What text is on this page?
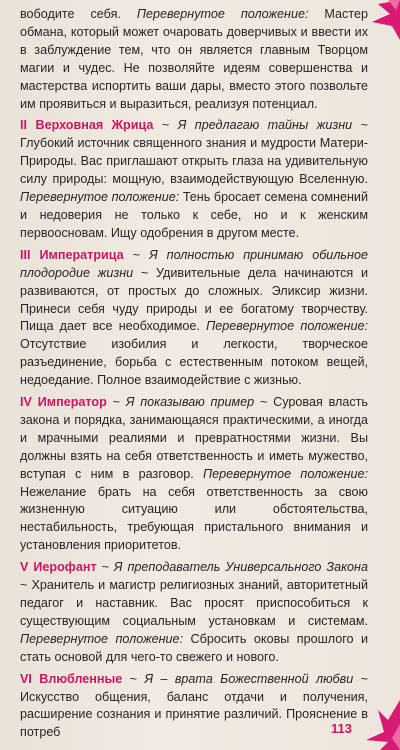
вободите себя. Перевернутое положение: Мастер обмана, который может очаровать доверчивых и ввести их в заблуждение тем, что он является главным Творцом магии и чудес. Не позволяйте идеям совершенства и мастерства испортить ваши дары, вместо этого позвольте им проявиться и выразиться, реализуя потенциал.

II Верховная Жрица ~ Я предлагаю тайны жизни ~ Глубокий источник священного знания и мудрости Матери-Природы. Вас приглашают открыть глаза на удивительную силу природы: мощную, взаимодействующую Вселенную. Перевернутое положение: Тень бросает семена сомнений и недоверия не только к себе, но и к женским первоосновам. Ищу одобрения в другом месте.

III Императрица ~ Я полностью принимаю обильное плодородие жизни ~ Удивительные дела начинаются и развиваются, от простых до сложных. Эликсир жизни. Принеси себя чуду природы и ее богатому творчеству. Пища дает все необходимое. Перевернутое положение: Отсутствие изобилия и легкости, творческое разъединение, борьба с естественным потоком вещей, недоедание. Полное взаимодействие с жизнью.

IV Император ~ Я показываю пример ~ Суровая власть закона и порядка, занимающаяся практическими, а иногда и мрачными реалиями и превратностями жизни. Вы должны взять на себя ответственность и иметь мужество, вступая с ним в разговор. Перевернутое положение: Нежелание брать на себя ответственность за свою жизненную ситуацию или обстоятельства, нестабильность, требующая пристального внимания и установления приоритетов.

V Иерофант ~ Я преподаватель Универсального Закона ~ Хранитель и магистр религиозных знаний, авторитетный педагог и наставник. Вас просят приспособиться к существующим социальным установкам и системам. Перевернутое положение: Сбросить оковы прошлого и стать основой для чего-то свежего и нового.

VI Влюбленные ~ Я – врата Божественной любви ~ Искусство общения, баланс отдачи и получения, расширение сознания и принятие различий. Прояснение в потреб	113
